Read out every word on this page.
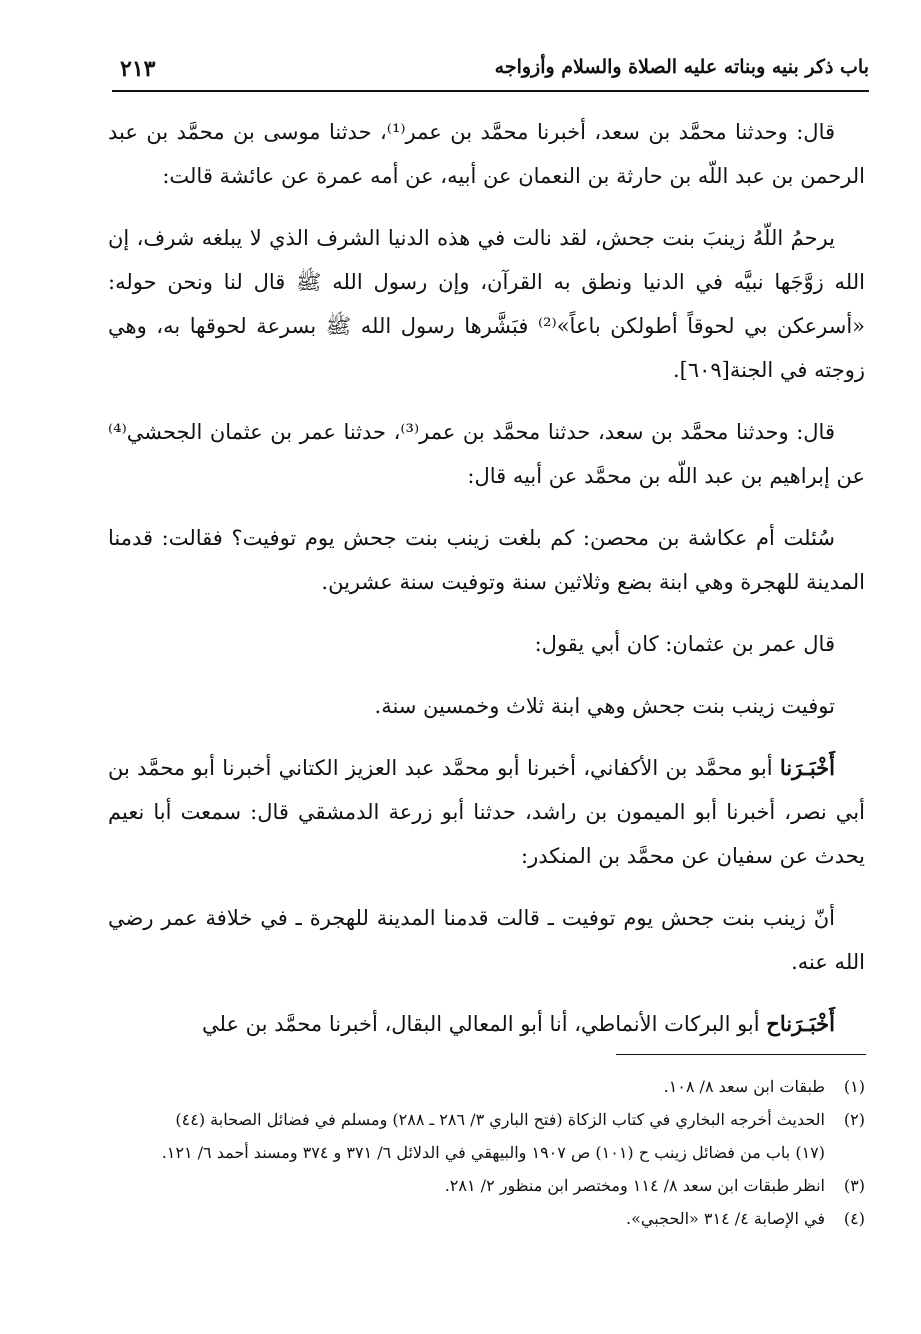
باب ذكر بنيه وبناته عليه الصلاة والسلام وأزواجه
٢١٣

قال: وحدثنا محمَّد بن سعد، أخبرنا محمَّد بن عمر⁽¹⁾، حدثنا موسى بن محمَّد بن عبد الرحمن بن عبد اللّه بن حارثة بن النعمان عن أبيه، عن أمه عمرة عن عائشة قالت:

يرحمُ اللّهُ زينبَ بنت جحش، لقد نالت في هذه الدنيا الشرف الذي لا يبلغه شرف، إن الله زوَّجَها نبيَّه في الدنيا ونطق به القرآن، وإن رسول الله ﷺ قال لنا ونحن حوله: «أسرعكن بي لحوقاً أطولكن باعاً»⁽²⁾ فبَشَّرها رسول الله ﷺ بسرعة لحوقها به، وهي زوجته في الجنة[٦٠٩].

قال: وحدثنا محمَّد بن سعد، حدثنا محمَّد بن عمر⁽³⁾، حدثنا عمر بن عثمان الجحشي⁽⁴⁾ عن إبراهيم بن عبد اللّه بن محمَّد عن أبيه قال:

سُئلت أم عكاشة بن محصن: كم بلغت زينب بنت جحش يوم توفيت؟ فقالت: قدمنا المدينة للهجرة وهي ابنة بضع وثلاثين سنة وتوفيت سنة عشرين.

قال عمر بن عثمان: كان أبي يقول:

توفيت زينب بنت جحش وهي ابنة ثلاث وخمسين سنة.

أَخْبَـرَنا أبو محمَّد بن الأكفاني، أخبرنا أبو محمَّد عبد العزيز الكتاني أخبرنا أبو محمَّد بن أبي نصر، أخبرنا أبو الميمون بن راشد، حدثنا أبو زرعة الدمشقي قال: سمعت أبا نعيم يحدث عن سفيان عن محمَّد بن المنكدر:

أنّ زينب بنت جحش يوم توفيت ـ قالت قدمنا المدينة للهجرة ـ في خلافة عمر رضي الله عنه.

أَخْبَـرَناح أبو البركات الأنماطي، أنا أبو المعالي البقال، أخبرنا محمَّد بن علي

(١)
طبقات ابن سعد ٨/ ١٠٨.
(٢)
الحديث أخرجه البخاري في كتاب الزكاة (فتح الباري ٣/ ٢٨٦ ـ ٢٨٨) ومسلم في فضائل الصحابة (٤٤)
(١٧) باب من فضائل زينب ح (١٠١) ص ١٩٠٧ والبيهقي في الدلائل ٦/ ٣٧١ و ٣٧٤ ومسند أحمد ٦/ ١٢١.
(٣)
انظر طبقات ابن سعد ٨/ ١١٤ ومختصر ابن منظور ٢/ ٢٨١.
(٤)
في الإصابة ٤/ ٣١٤ «الحجبي».
